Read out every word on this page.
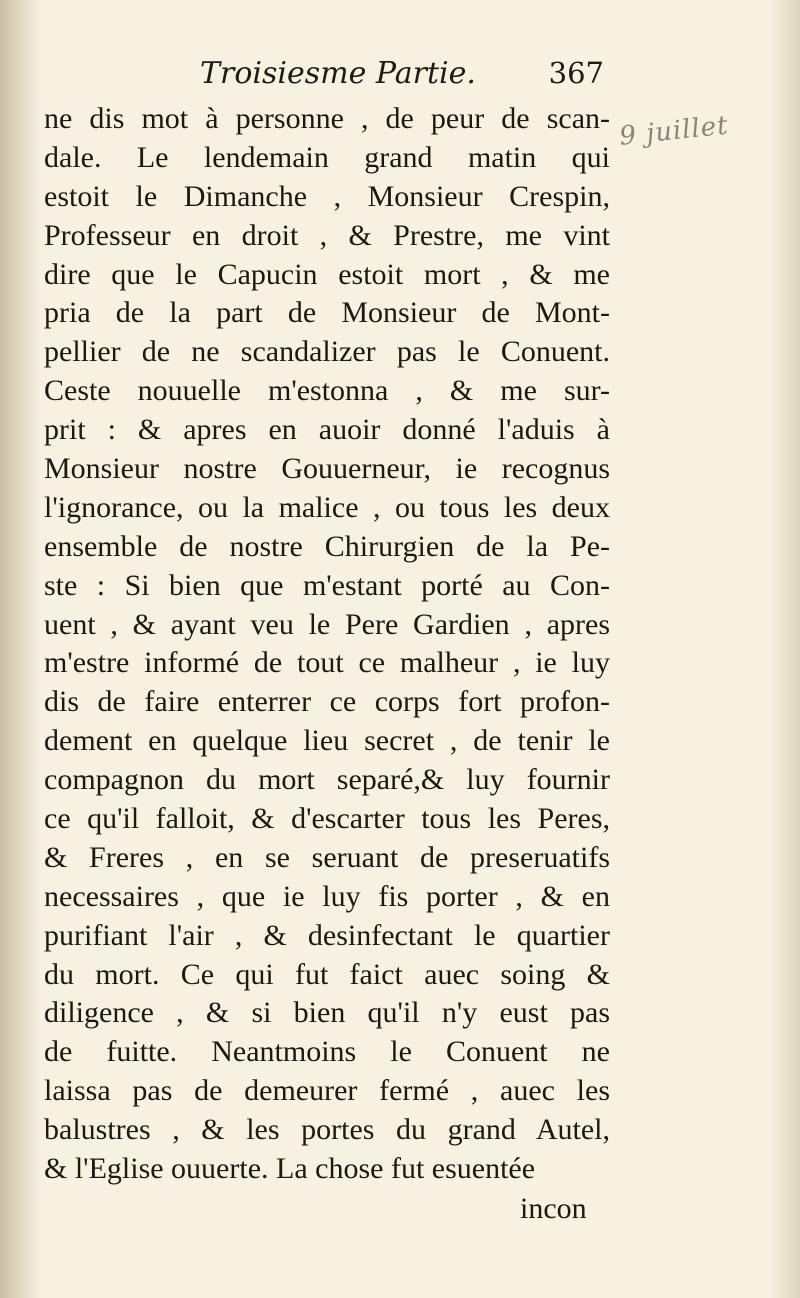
Troisiesme Partie.	367
9 juillet
ne dis mot à personne , de peur de scan-
dale. Le lendemain grand matin qui
estoit le Dimanche , Monsieur Crespin,
Professeur en droit , & Prestre, me vint
dire que le Capucin estoit mort , & me
pria de la part de Monsieur de Mont-
pellier de ne scandalizer pas le Conuent.
Ceste nouuelle m'estonna , & me sur-
prit : & apres en auoir donné l'aduis à
Monsieur nostre Gouuerneur, ie recognus
l'ignorance, ou la malice , ou tous les deux
ensemble de nostre Chirurgien de la Pe-
ste : Si bien que m'estant porté au Con-
uent , & ayant veu le Pere Gardien , apres
m'estre informé de tout ce malheur , ie luy
dis de faire enterrer ce corps fort profon-
dement en quelque lieu secret , de tenir le
compagnon du mort separé,& luy fournir
ce qu'il falloit, & d'escarter tous les Peres,
& Freres , en se seruant de preseruatifs
necessaires , que ie luy fis porter , & en
purifiant l'air , & desinfectant le quartier
du mort. Ce qui fut faict auec soing &
diligence , & si bien qu'il n'y eust pas
de fuitte. Neantmoins le Conuent ne
laissa pas de demeurer fermé , auec les
balustres , & les portes du grand Autel,
& l'Eglise ouuerte. La chose fut esuentée
incon
